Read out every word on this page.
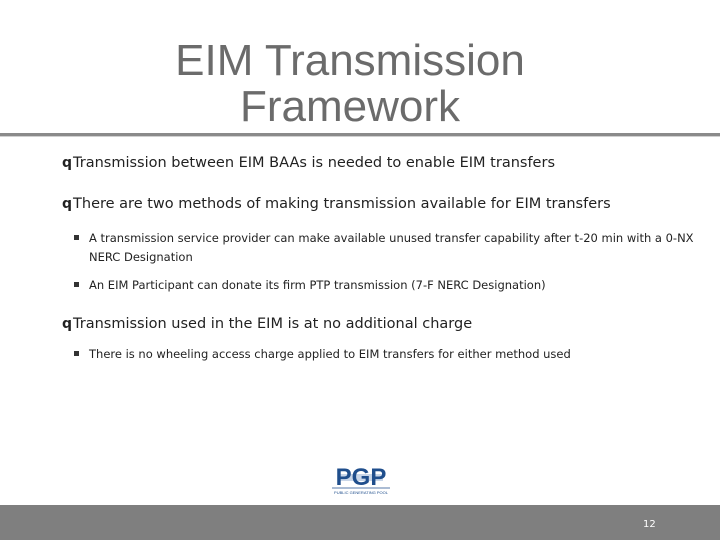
EIM Transmission
Framework
qTransmission between EIM BAAs is needed to enable EIM transfers
qThere are two methods of making transmission available for EIM transfers
A transmission service provider can make available unused transfer capability after t-20 min with a 0-NX NERC Designation
An EIM Participant can donate its firm PTP transmission (7-F NERC Designation)
qTransmission used in the EIM is at no additional charge
There is no wheeling access charge applied to EIM transfers for either method used
PGP
PUBLIC GENERATING POOL
12
